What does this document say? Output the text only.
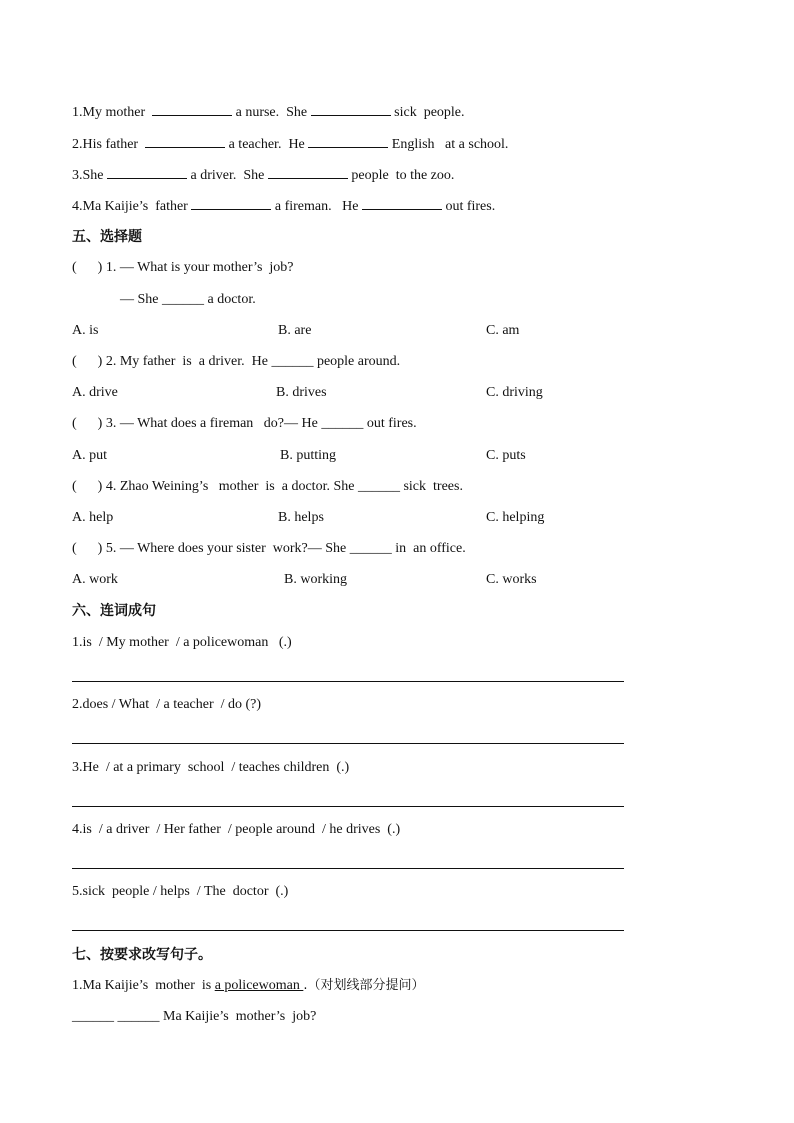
1.My mother	a nurse.  She	sick  people.
2.His father	a teacher.  He	English   at a school.
3.She	a driver.  She	people  to the zoo.
4.Ma Kaijie’s  father	a fireman.   He	out fires.
五、选择题
(      ) 1. — What is your mother’s  job?
— She ______ a doctor.
A. is	B. are	C. am
(      ) 2. My father  is  a driver.  He ______ people around.
A. drive	B. drives	C. driving
(      ) 3. — What does a fireman   do?— He ______ out fires.
A. put	B. putting	C. puts
(      ) 4. Zhao Weining’s   mother  is  a doctor. She ______ sick  trees.
A. help	B. helps	C. helping
(      ) 5. — Where does your sister  work?— She ______ in  an office.
A. work	B. working	C. works
六、连词成句
1.is  / My mother  / a policewoman   (.)
2.does / What  / a teacher  / do (?)
3.He  / at a primary  school  / teaches children  (.)
4.is  / a driver  / Her father  / people around  / he drives  (.)
5.sick  people / helps  / The  doctor  (.)
七、按要求改写句子。
1.Ma Kaijie’s  mother  is a policewoman .（对划线部分提问）
______ ______ Ma Kaijie’s  mother’s  job?
